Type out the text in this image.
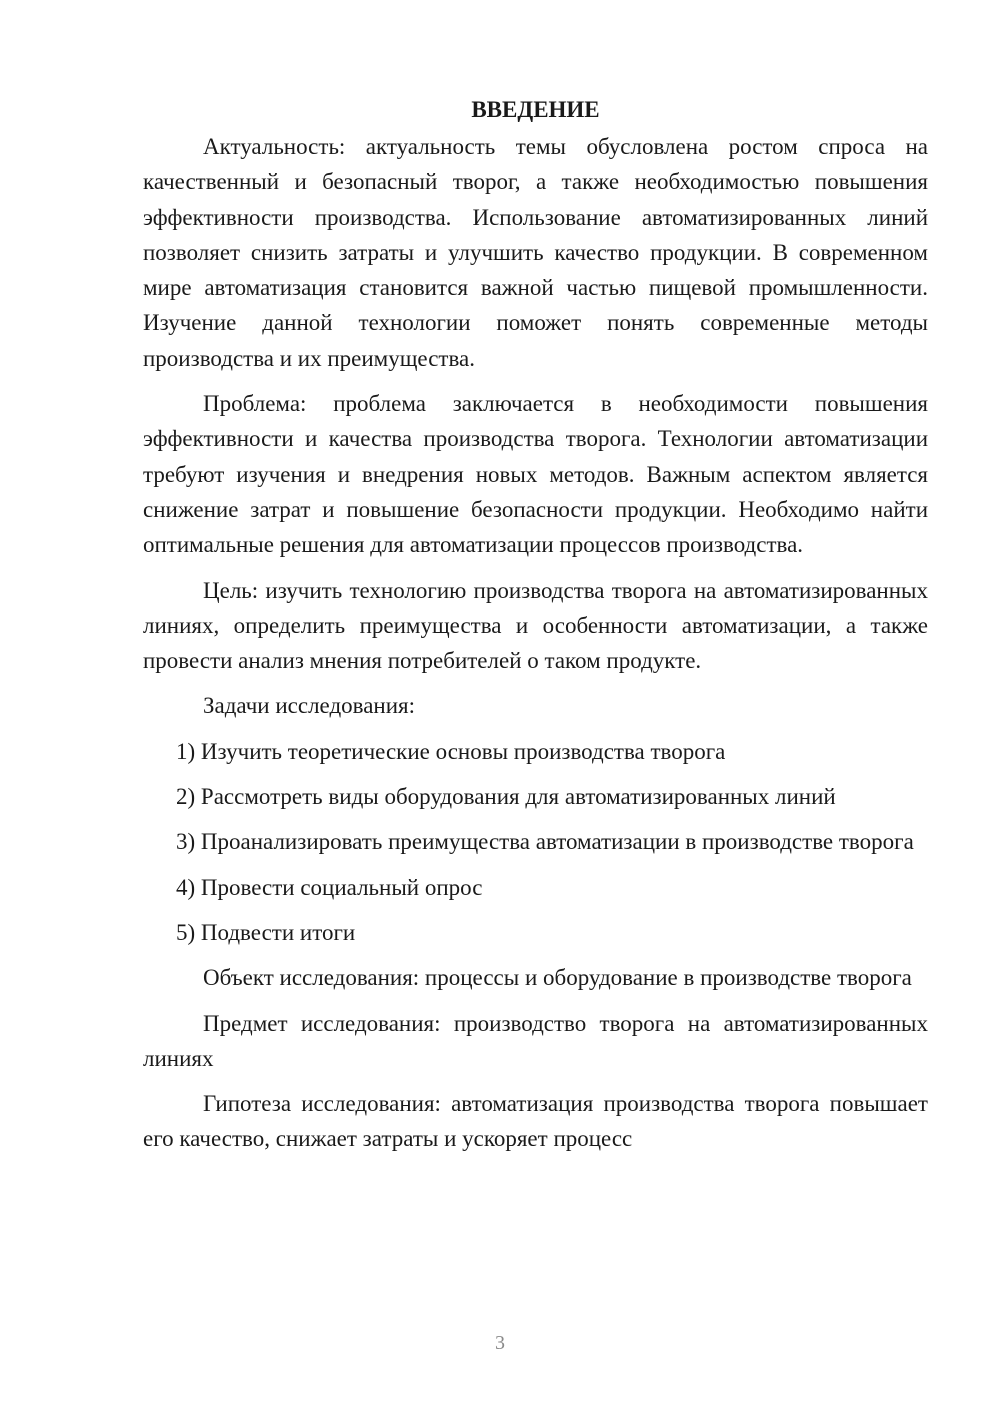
ВВЕДЕНИЕ

Актуальность: актуальность темы обусловлена ростом спроса на качественный и безопасный творог, а также необходимостью повышения эффективности производства. Использование автоматизированных линий позволяет снизить затраты и улучшить качество продукции. В современном мире автоматизация становится важной частью пищевой промышленности. Изучение данной технологии поможет понять современные методы производства и их преимущества.

Проблема: проблема заключается в необходимости повышения эффективности и качества производства творога. Технологии автоматизации требуют изучения и внедрения новых методов. Важным аспектом является снижение затрат и повышение безопасности продукции. Необходимо найти оптимальные решения для автоматизации процессов производства.

Цель: изучить технологию производства творога на автоматизированных линиях, определить преимущества и особенности автоматизации, а также провести анализ мнения потребителей о таком продукте.

Задачи исследования:

1) Изучить теоретические основы производства творога

2) Рассмотреть виды оборудования для автоматизированных линий

3) Проанализировать преимущества автоматизации в производстве творога

4) Провести социальный опрос

5) Подвести итоги

Объект исследования: процессы и оборудование в производстве творога

Предмет исследования: производство творога на автоматизированных линиях

Гипотеза исследования: автоматизация производства творога повышает его качество, снижает затраты и ускоряет процесс

3
